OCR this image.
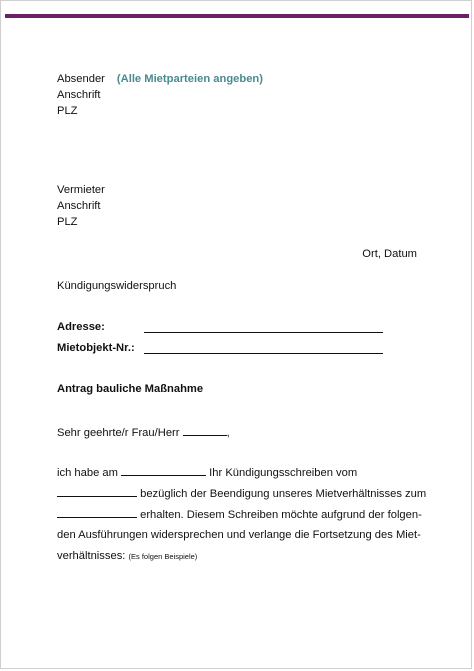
Absender (Alle Mietparteien angeben)
Anschrift
PLZ
Vermieter
Anschrift
PLZ
Ort, Datum
Kündigungswiderspruch
Adresse:
Mietobjekt-Nr.:
Antrag bauliche Maßnahme
Sehr geehrte/r Frau/Herr	,
ich habe am	Ihr Kündigungsschreiben vom
bezüglich der Beendigung unseres Mietverhältnisses zum
erhalten. Diesem Schreiben möchte aufgrund der folgen-
den Ausführungen widersprechen und verlange die Fortsetzung des Miet-
verhältnisses: (Es folgen Beispiele)
